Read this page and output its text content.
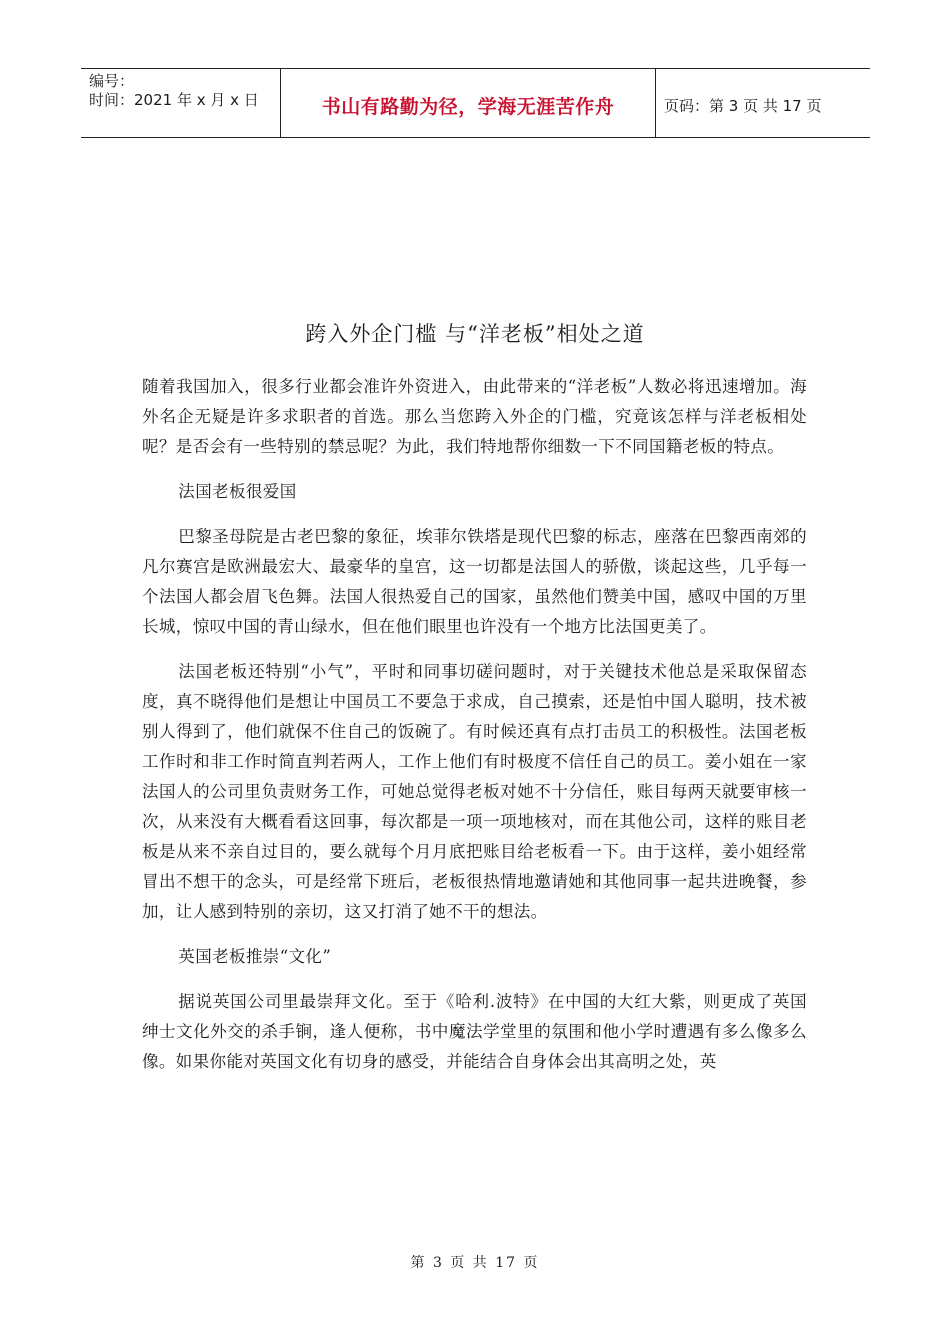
编号：
时间：2021 年 x 月 x 日	书山有路勤为径，学海无涯苦作舟	页码：第 3 页 共 17 页
跨入外企门槛 与“洋老板”相处之道

随着我国加入，很多行业都会准许外资进入，由此带来的“洋老板”人数必将迅速增加。海外名企无疑是许多求职者的首选。那么当您跨入外企的门槛，究竟该怎样与洋老板相处呢？是否会有一些特别的禁忌呢？为此，我们特地帮你细数一下不同国籍老板的特点。

法国老板很爱国

巴黎圣母院是古老巴黎的象征，埃菲尔铁塔是现代巴黎的标志，座落在巴黎西南郊的凡尔赛宫是欧洲最宏大、最豪华的皇宫，这一切都是法国人的骄傲，谈起这些，几乎每一个法国人都会眉飞色舞。法国人很热爱自己的国家，虽然他们赞美中国，感叹中国的万里长城，惊叹中国的青山绿水，但在他们眼里也许没有一个地方比法国更美了。

法国老板还特别“小气”，平时和同事切磋问题时，对于关键技术他总是采取保留态度，真不晓得他们是想让中国员工不要急于求成，自己摸索，还是怕中国人聪明，技术被别人得到了，他们就保不住自己的饭碗了。有时候还真有点打击员工的积极性。法国老板工作时和非工作时简直判若两人，工作上他们有时极度不信任自己的员工。姜小姐在一家法国人的公司里负责财务工作，可她总觉得老板对她不十分信任，账目每两天就要审核一次，从来没有大概看看这回事，每次都是一项一项地核对，而在其他公司，这样的账目老板是从来不亲自过目的，要么就每个月月底把账目给老板看一下。由于这样，姜小姐经常冒出不想干的念头，可是经常下班后，老板很热情地邀请她和其他同事一起共进晚餐，参加，让人感到特别的亲切，这又打消了她不干的想法。

英国老板推崇“文化”

据说英国公司里最崇拜文化。至于《哈利.波特》在中国的大红大紫，则更成了英国绅士文化外交的杀手锏，逢人便称，书中魔法学堂里的氛围和他小学时遭遇有多么像多么像。如果你能对英国文化有切身的感受，并能结合自身体会出其高明之处，英

第 3 页 共 17 页
